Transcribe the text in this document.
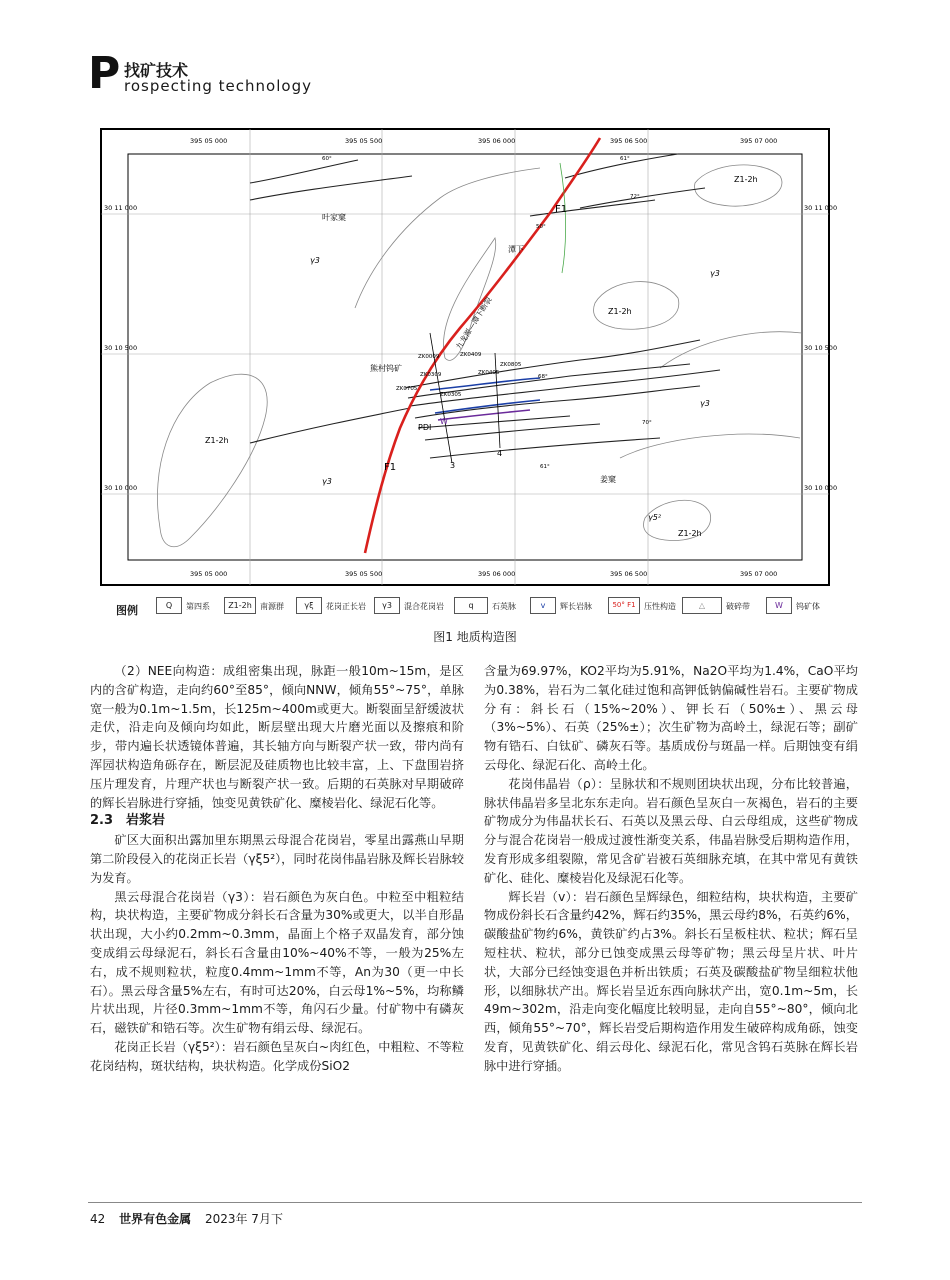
P 找矿技术
rospecting technology
395 05 000	395 05 500	395 06 000	395 06 500	395 07 000
395 05 000	395 05 500	395 06 000	395 06 500	395 07 000
30 11 000
30 10 500
30 10 000
30 11 000
30 10 500
30 10 000
叶家窠
潭下
熊村钨矿
姜窠
F1
F1
九龙源—潭下断裂
γ3
γ3
γ3
γ3
Z1-2h
Z1-2h
Z1-2h
Z1-2h
γ5²
3
4
W
PDI
ZK0009	ZK0409
ZK0805
ZK0309	ZK0405
ZK0705
ZK0305
60°	61°
72°
50°
68°
70°
61°
图例	Q	第四系	Z1-2h	南源群	γξ	花岗正长岩	γ3	混合花岗岩	q	石英脉	v	辉长岩脉	50° F1	压性构造	△	破碎带	W	钨矿体
图1 地质构造图

（2）NEE向构造：成组密集出现，脉距一般10m~15m，是区内的含矿构造，走向约60°至85°，倾向NNW，倾角55°~75°，单脉宽一般为0.1m~1.5m，长125m~400m或更大。断裂面呈舒缓波状走伏，沿走向及倾向均如此，断层壁出现大片磨光面以及擦痕和阶步，带内遍长状透镜体普遍，其长轴方向与断裂产状一致，带内尚有浑园状构造角砾存在，断层泥及硅质物也比较丰富，上、下盘围岩挤压片理发育，片理产状也与断裂产状一致。后期的石英脉对早期破碎的辉长岩脉进行穿插，蚀变见黄铁矿化、糜棱岩化、绿泥石化等。

2.3　岩浆岩

矿区大面积出露加里东期黑云母混合花岗岩，零星出露燕山早期第二阶段侵入的花岗正长岩（γξ5²），同时花岗伟晶岩脉及辉长岩脉较为发育。

黑云母混合花岗岩（γ3）：岩石颜色为灰白色。中粒至中粗粒结构，块状构造，主要矿物成分斜长石含量为30%或更大，以半自形晶状出现，大小约0.2mm~0.3mm，晶面上个格子双晶发育，部分蚀变成绢云母绿泥石，斜长石含量由10%~40%不等，一般为25%左右，成不规则粒状，粒度0.4mm~1mm不等，An为30（更一中长石）。黑云母含量5%左右，有时可达20%，白云母1%~5%，均称鳞片状出现，片径0.3mm~1mm不等，角闪石少量。付矿物中有磷灰石，磁铁矿和锆石等。次生矿物有绢云母、绿泥石。

花岗正长岩（γξ5²）：岩石颜色呈灰白~肉红色，中粗粒、不等粒花岗结构，斑状结构，块状构造。化学成份SiO2

含量为69.97%，KO2平均为5.91%，Na2O平均为1.4%，CaO平均为0.38%，岩石为二氧化硅过饱和高钾低钠偏碱性岩石。主要矿物成分有：斜长石（15%~20%）、钾长石（50%±）、黑云母（3%~5%）、石英（25%±）；次生矿物为高岭土，绿泥石等；副矿物有锆石、白钛矿、磷灰石等。基质成份与斑晶一样。后期蚀变有绢云母化、绿泥石化、高岭土化。

花岗伟晶岩（ρ）：呈脉状和不规则团块状出现，分布比较普遍，脉状伟晶岩多呈北东东走向。岩石颜色呈灰白一灰褐色，岩石的主要矿物成分为伟晶状长石、石英以及黑云母、白云母组成，这些矿物成分与混合花岗岩一般成过渡性渐变关系，伟晶岩脉受后期构造作用，发育形成多组裂隙，常见含矿岩被石英细脉充填，在其中常见有黄铁矿化、硅化、糜棱岩化及绿泥石化等。

辉长岩（v）：岩石颜色呈辉绿色，细粒结构，块状构造，主要矿物成份斜长石含量约42%，辉石约35%，黑云母约8%，石英约6%，碳酸盐矿物约6%，黄铁矿约占3%。斜长石呈板柱状、粒状；辉石呈短柱状、粒状，部分已蚀变成黑云母等矿物；黑云母呈片状、叶片状，大部分已经蚀变退色并析出铁质；石英及碳酸盐矿物呈细粒状他形，以细脉状产出。辉长岩呈近东西向脉状产出，宽0.1m~5m，长49m~302m，沿走向变化幅度比较明显，走向自55°~80°，倾向北西，倾角55°~70°，辉长岩受后期构造作用发生破碎构成角砾，蚀变发育，见黄铁矿化、绢云母化、绿泥石化，常见含钨石英脉在辉长岩脉中进行穿插。

42 世界有色金属 2023年 7月下
